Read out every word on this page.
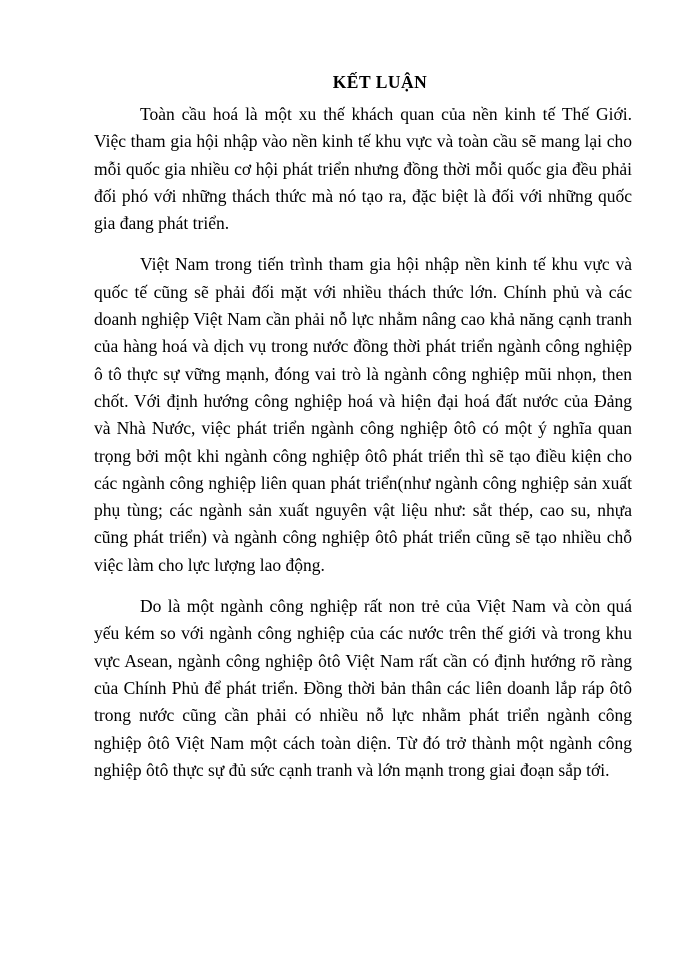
KẾT LUẬN

Toàn cầu hoá là một xu thế khách quan của nền kinh tế Thế Giới. Việc tham gia hội nhập vào nền kinh tế khu vực và toàn cầu sẽ mang lại cho mỗi quốc gia nhiều cơ hội phát triển nhưng đồng thời mỗi quốc gia đều phải đối phó với những thách thức mà nó tạo ra, đặc biệt là đối với những quốc gia đang phát triển.

Việt Nam trong tiến trình tham gia hội nhập nền kinh tế khu vực và quốc tế cũng sẽ phải đối mặt với nhiều thách thức lớn. Chính phủ và các doanh nghiệp Việt Nam cần phải nỗ lực nhằm nâng cao khả năng cạnh tranh của hàng hoá và dịch vụ trong nước đồng thời phát triển ngành công nghiệp ô tô thực sự vững mạnh, đóng vai trò là ngành công nghiệp mũi nhọn, then chốt. Với định hướng công nghiệp hoá và hiện đại hoá đất nước của Đảng và Nhà Nước, việc phát triển ngành công nghiệp ôtô có một ý nghĩa quan trọng bởi một khi ngành công nghiệp ôtô phát triển thì sẽ tạo điều kiện cho các ngành công nghiệp liên quan phát triển(như ngành công nghiệp sản xuất phụ tùng; các ngành sản xuất nguyên vật liệu như: sắt thép, cao su, nhựa cũng phát triển) và ngành công nghiệp ôtô phát triển cũng sẽ tạo nhiều chỗ việc làm cho lực lượng lao động.

Do là một ngành công nghiệp rất non trẻ của Việt Nam và còn quá yếu kém so với ngành công nghiệp của các nước trên thế giới và trong khu vực Asean, ngành công nghiệp ôtô Việt Nam rất cần có định hướng rõ ràng của Chính Phủ để phát triển. Đồng thời bản thân các liên doanh lắp ráp ôtô trong nước cũng cần phải có nhiều nỗ lực nhằm phát triển ngành công nghiệp ôtô Việt Nam một cách toàn diện. Từ đó trở thành một ngành công nghiệp ôtô thực sự đủ sức cạnh tranh và lớn mạnh trong giai đoạn sắp tới.
